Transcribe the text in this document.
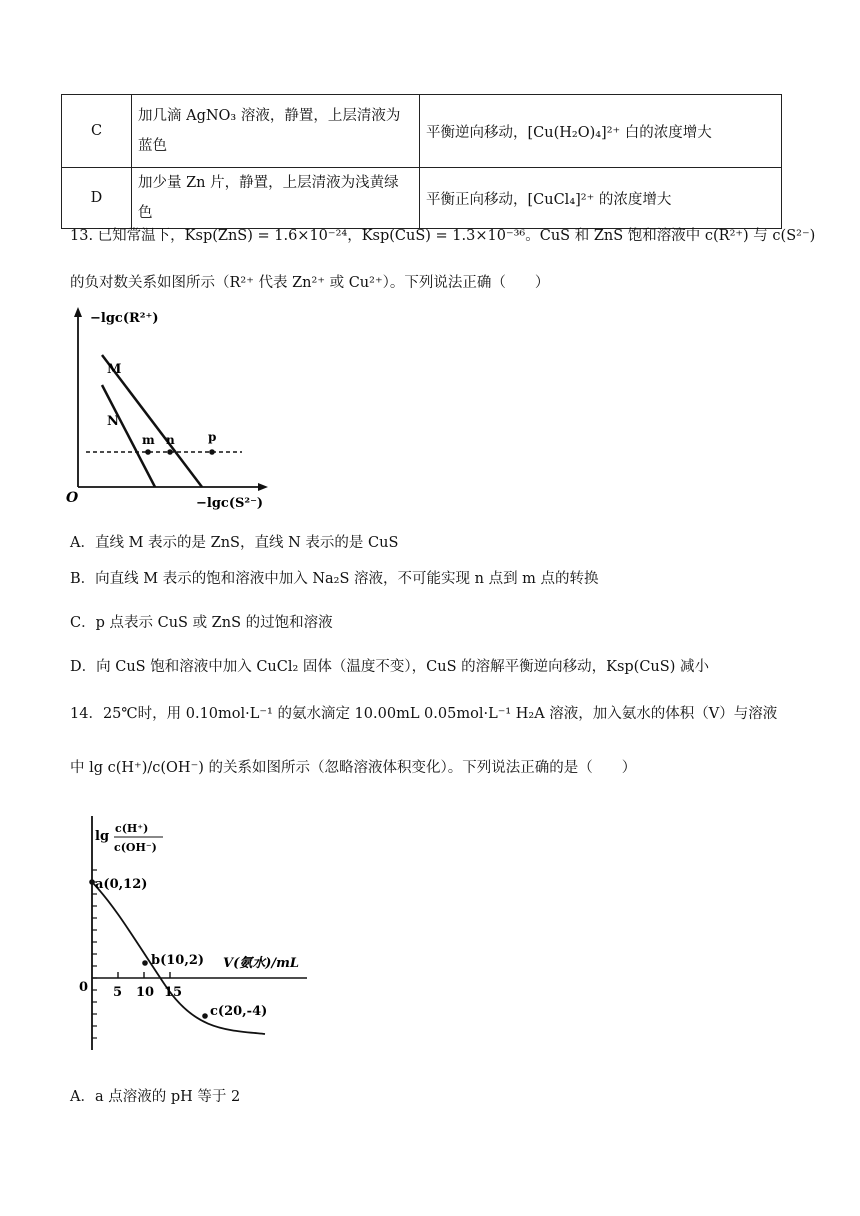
C	加几滴 AgNO₃ 溶液，静置，上层清液为蓝色	平衡逆向移动，[Cu(H₂O)₄]²⁺ 白的浓度增大
D	加少量 Zn 片，静置，上层清液为浅黄绿色	平衡正向移动，[CuCl₄]²⁺ 的浓度增大
13. 已知常温下，Ksp(ZnS) = 1.6×10⁻²⁴，Ksp(CuS) = 1.3×10⁻³⁶。CuS 和 ZnS 饱和溶液中 c(R²⁺) 与 c(S²⁻)
的负对数关系如图所示（R²⁺ 代表 Zn²⁺ 或 Cu²⁺）。下列说法正确（　　）
−lgc(R²⁺)
M
N
m n	p
O	−lgc(S²⁻)
A．直线 M 表示的是 ZnS，直线 N 表示的是 CuS
B．向直线 M 表示的饱和溶液中加入 Na₂S 溶液，不可能实现 n 点到 m 点的转换
C．p 点表示 CuS 或 ZnS 的过饱和溶液
D．向 CuS 饱和溶液中加入 CuCl₂ 固体（温度不变），CuS 的溶解平衡逆向移动，Ksp(CuS) 减小
14．25℃时，用 0.10mol·L⁻¹ 的氨水滴定 10.00mL 0.05mol·L⁻¹ H₂A 溶液，加入氨水的体积（V）与溶液
中 lg c(H⁺)/c(OH⁻) 的关系如图所示（忽略溶液体积变化）。下列说法正确的是（　　）
lg
c(H⁺)
c(OH⁻)
a(0,12)
b(10,2)
c(20,-4)
V(氨水)/mL
0 5 10 15
A．a 点溶液的 pH 等于 2
